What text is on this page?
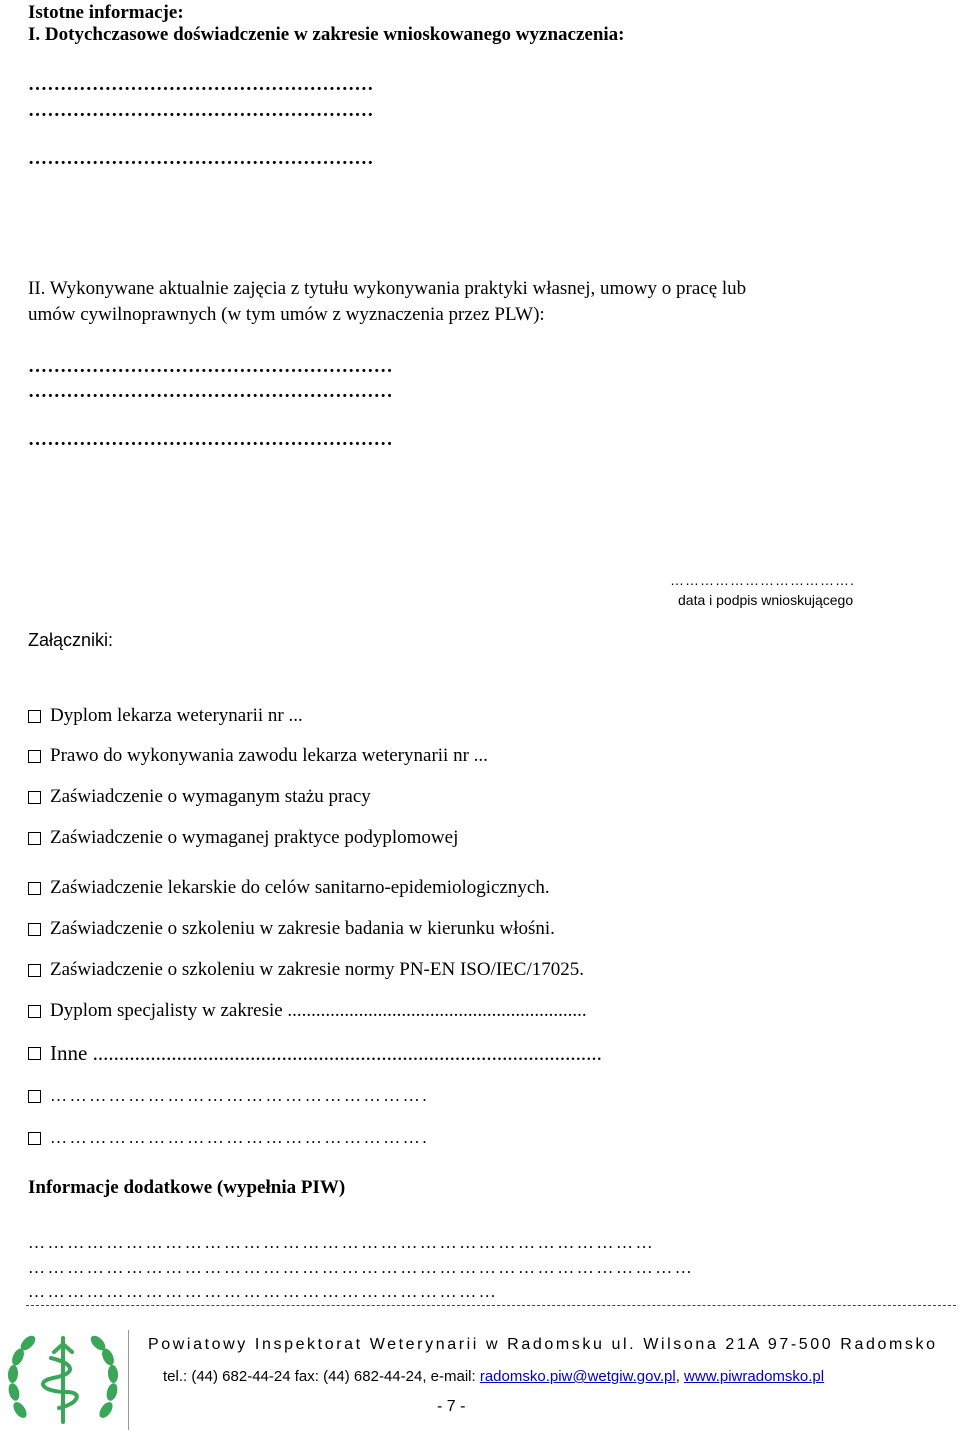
Istotne informacje:
I. Dotychczasowe doświadczenie w zakresie wnioskowanego wyznaczenia:
………………………………………………
………………………………………………
………………………………………………
II. Wykonywane aktualnie zajęcia z tytułu wykonywania praktyki własnej, umowy o pracę lub
umów cywilnoprawnych (w tym umów z wyznaczenia przez PLW):
…………………………………………………
…………………………………………………
…………………………………………………
……………………………….
data i podpis wnioskującego
Załączniki:
Dyplom lekarza weterynarii nr ...
Prawo do wykonywania zawodu lekarza weterynarii nr ...
Zaświadczenie o wymaganym stażu pracy
Zaświadczenie o wymaganej praktyce podyplomowej
Zaświadczenie lekarskie do celów sanitarno-epidemiologicznych.
Zaświadczenie o szkoleniu w zakresie badania w kierunku włośni.
Zaświadczenie o szkoleniu w zakresie normy PN-EN ISO/IEC/17025.
Dyplom specjalisty w zakresie ...............................................................
Inne .................................................................................................
………………………………………………….
………………………………………………….
Informacje dodatkowe (wypełnia PIW)
……………………………………………………………………………………
…………………………………………………………………………………………
………………………………………………………………
Powiatowy Inspektorat Weterynarii w Radomsku ul. Wilsona 21A 97-500 Radomsko
tel.: (44) 682-44-24 fax: (44) 682-44-24, e-mail: radomsko.piw@wetgiw.gov.pl, www.piwradomsko.pl
- 7 -
